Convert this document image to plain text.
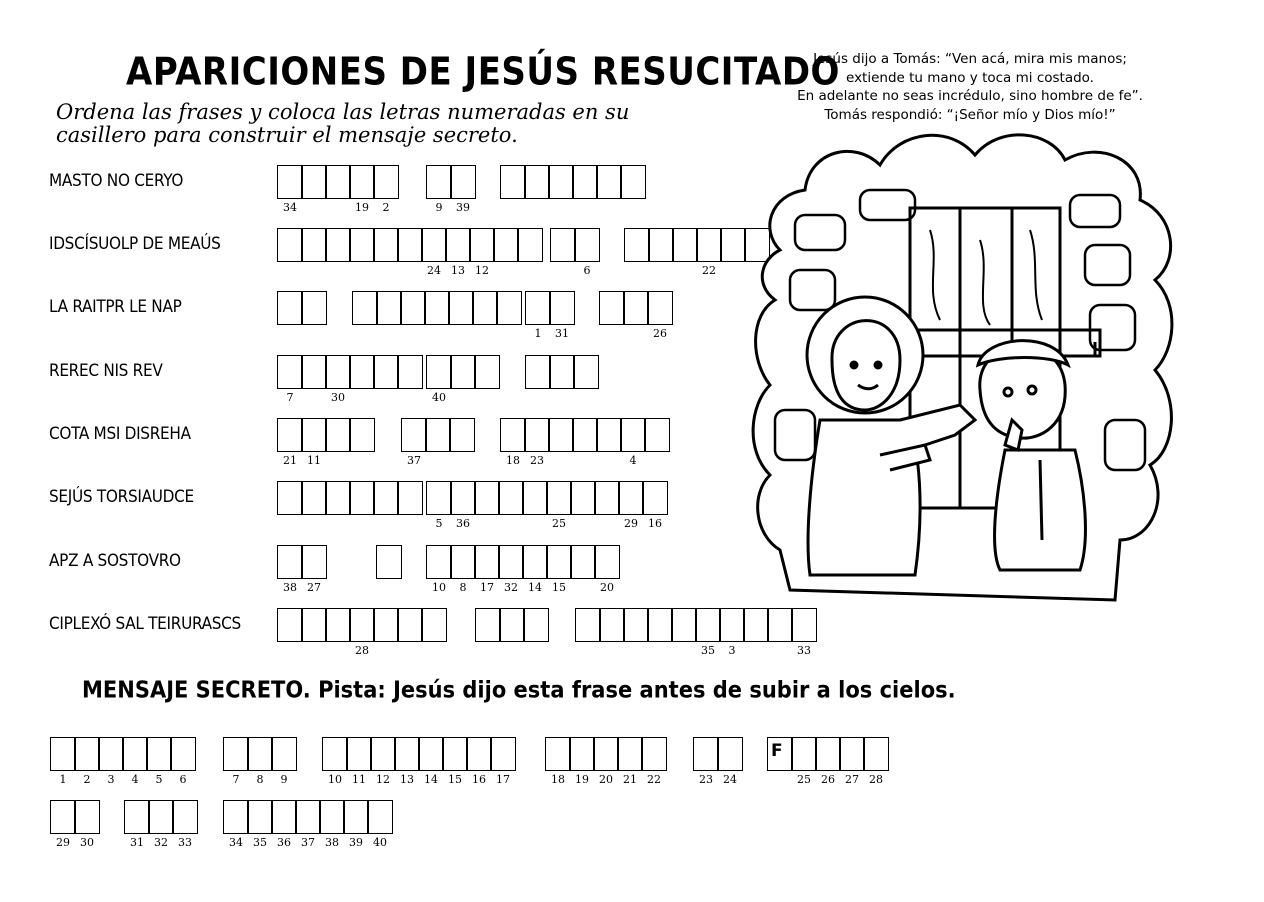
APARICIONES DE JESÚS RESUCITADO
Ordena las frases y coloca las letras numeradas en su
casillero para construir el mensaje secreto.
Jesús dijo a Tomás: “Ven acá, mira mis manos;
extiende tu mano y toca mi costado.
En adelante no seas incrédulo, sino hombre de fe”.
Tomás respondió: “¡Señor mío y Dios mío!”
MASTO NO CERYO
34	19	2	9	39
IDSCÍSUOLP DE MEAÚS
24 13 12	6	22
LA RAITPR LE NAP
1	31	26
REREC NIS REV
7	30	40
COTA MSI DISREHA
21 11	37	18 23	4
SEJÚS TORSIAUDCE
5	36	25	29 16
APZ A SOSTOVRO
38 27	10	8	17 32 14 15	20
CIPLEXÓ SAL TEIRURASCS
28	35	3	33
MENSAJE SECRETO. Pista: Jesús dijo esta frase antes de subir a los cielos.
1	2	3	4	5	6	7	8	9	10 11 12 13 14 15 16 17	18 19 20 21 22	23 24
F
25 26 27 28
29 30	31 32 33	34 35 36 37 38 39 40
